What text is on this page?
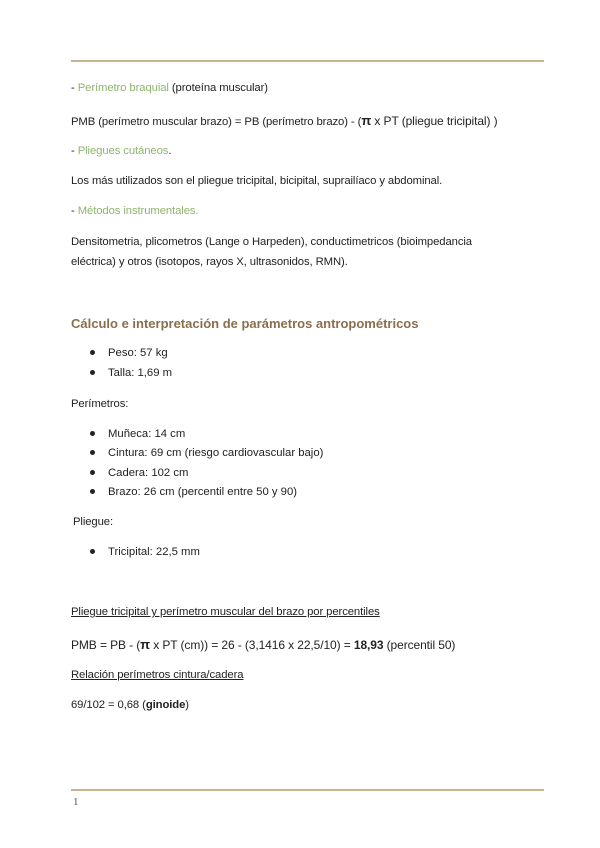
- Perímetro braquial (proteína muscular)
PMB (perímetro muscular brazo) = PB (perímetro brazo) - (π x PT (pliegue tricipital) )
- Pliegues cutáneos.
Los más utilizados son el pliegue tricipital, bicipital, suprailíaco y abdominal.
- Métodos instrumentales.
Densitometria, plicometros (Lange o Harpeden), conductimetricos (bioimpedancia
eléctrica) y otros (isotopos, rayos X, ultrasonidos, RMN).
Cálculo e interpretación de parámetros antropométricos
Peso: 57 kg
Talla: 1,69 m
Perímetros:
Muñeca: 14 cm
Cintura: 69 cm (riesgo cardiovascular bajo)
Cadera: 102 cm
Brazo: 26 cm (percentil entre 50 y 90)
Pliegue:
Tricipital: 22,5 mm
Pliegue tricipital y perímetro muscular del brazo por percentiles
PMB = PB - (π x PT (cm)) = 26 - (3,1416 x 22,5/10) = 18,93 (percentil 50)
Relación perímetros cintura/cadera
69/102 = 0,68 (ginoide)
1
